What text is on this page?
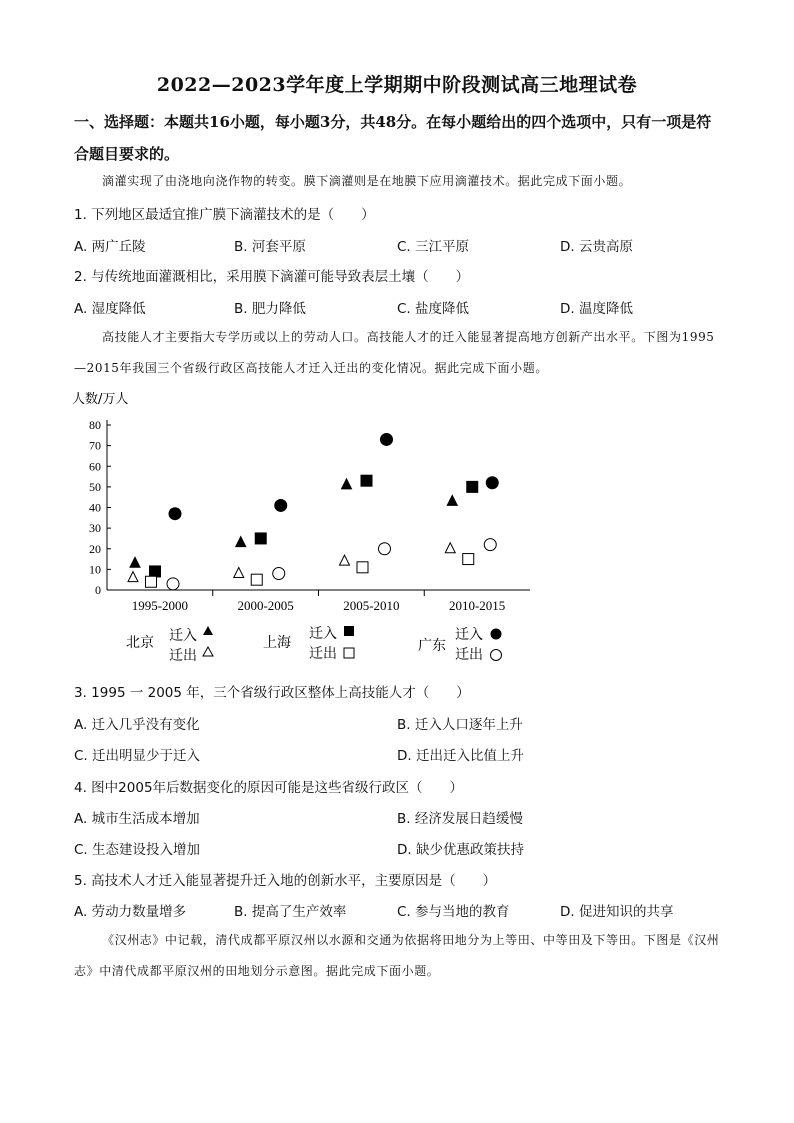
2022—2023学年度上学期期中阶段测试高三地理试卷
一、选择题：本题共16小题，每小题3分，共48分。在每小题给出的四个选项中，只有一项是符合题目要求的。
滴灌实现了由浇地向浇作物的转变。膜下滴灌则是在地膜下应用滴灌技术。据此完成下面小题。
1. 下列地区最适宜推广膜下滴灌技术的是（　　）
A. 两广丘陵	B. 河套平原	C. 三江平原	D. 云贵高原
2. 与传统地面灌溉相比，采用膜下滴灌可能导致表层土壤（　　）
A. 湿度降低	B. 肥力降低	C. 盐度降低	D. 温度降低
高技能人才主要指大专学历或以上的劳动人口。高技能人才的迁入能显著提高地方创新产出水平。下图为1995—2015年我国三个省级行政区高技能人才迁入迁出的变化情况。据此完成下面小题。
人数/万人
0
10
20
30
40
50
60
70
80
1995-2000	2000-2005	2005-2010	2010-2015
北京 迁入
迁出
上海
迁入
迁出
广东
迁入
迁出
3. 1995 一 2005 年，三个省级行政区整体上高技能人才（　　）
A. 迁入几乎没有变化	B. 迁入人口逐年上升
C. 迁出明显少于迁入	D. 迁出迁入比值上升
4. 图中2005年后数据变化的原因可能是这些省级行政区（　　）
A. 城市生活成本增加	B. 经济发展日趋缓慢
C. 生态建设投入增加	D. 缺少优惠政策扶持
5. 高技术人才迁入能显著提升迁入地的创新水平，主要原因是（　　）
A. 劳动力数量增多	B. 提高了生产效率	C. 参与当地的教育	D. 促进知识的共享
《汉州志》中记载，清代成都平原汉州以水源和交通为依据将田地分为上等田、中等田及下等田。下图是《汉州志》中清代成都平原汉州的田地划分示意图。据此完成下面小题。
